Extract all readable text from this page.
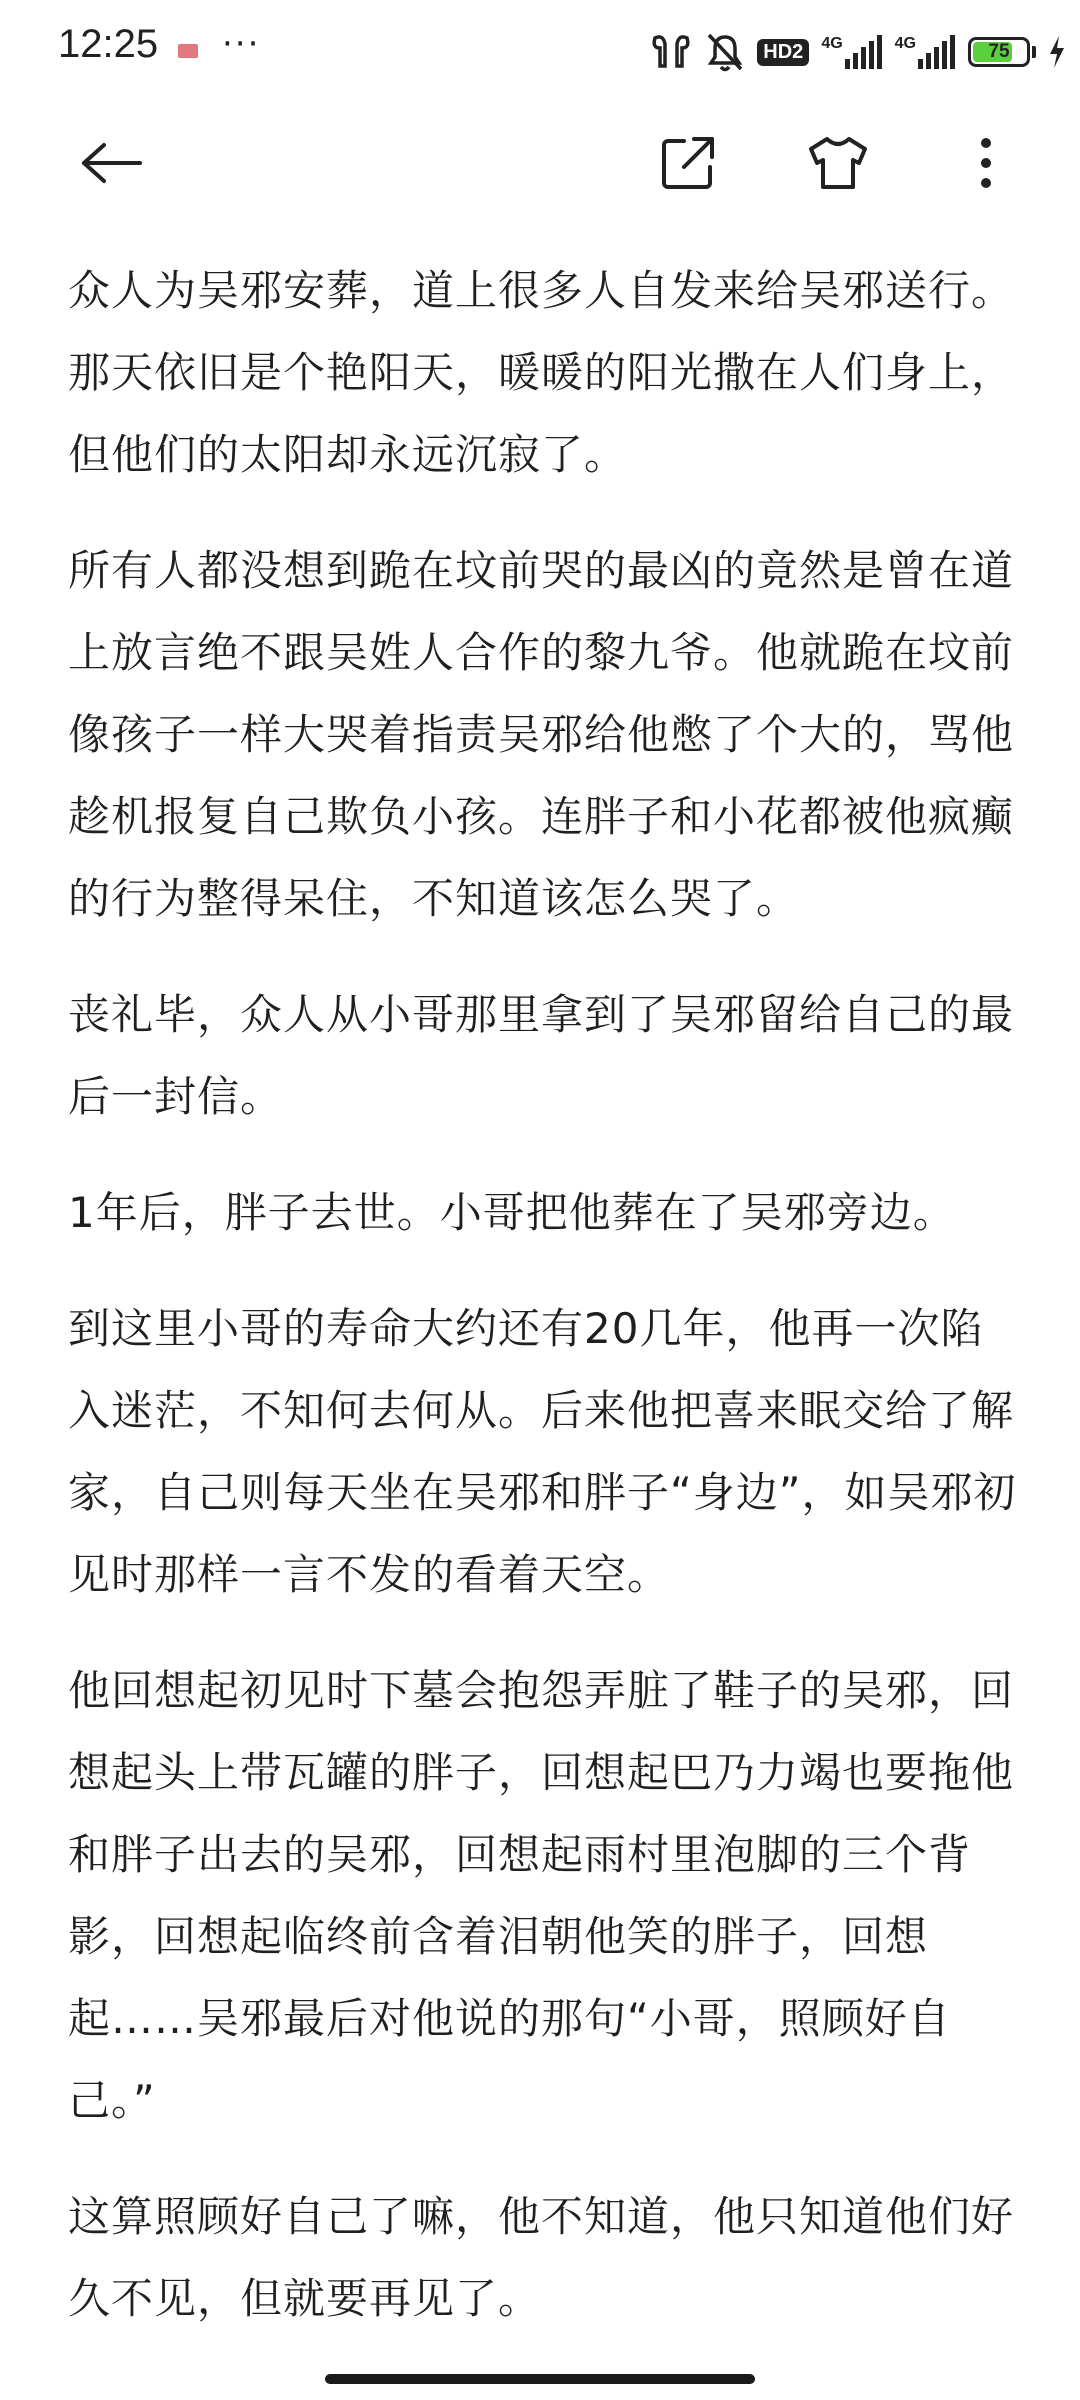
12:25 ···	HD2	4G	4G	75

众人为吴邪安葬，道上很多人自发来给吴邪送行。那天依旧是个艳阳天，暖暖的阳光撒在人们身上，但他们的太阳却永远沉寂了。

所有人都没想到跪在坟前哭的最凶的竟然是曾在道上放言绝不跟吴姓人合作的黎九爷。他就跪在坟前像孩子一样大哭着指责吴邪给他憋了个大的，骂他趁机报复自己欺负小孩。连胖子和小花都被他疯癫的行为整得呆住，不知道该怎么哭了。

丧礼毕，众人从小哥那里拿到了吴邪留给自己的最后一封信。

1年后，胖子去世。小哥把他葬在了吴邪旁边。

到这里小哥的寿命大约还有20几年，他再一次陷入迷茫，不知何去何从。后来他把喜来眠交给了解家，自己则每天坐在吴邪和胖子“身边”，如吴邪初见时那样一言不发的看着天空。

他回想起初见时下墓会抱怨弄脏了鞋子的吴邪，回想起头上带瓦罐的胖子，回想起巴乃力竭也要拖他和胖子出去的吴邪，回想起雨村里泡脚的三个背影，回想起临终前含着泪朝他笑的胖子，回想起……吴邪最后对他说的那句“小哥，照顾好自己。”

这算照顾好自己了嘛，他不知道，他只知道他们好久不见，但就要再见了。
